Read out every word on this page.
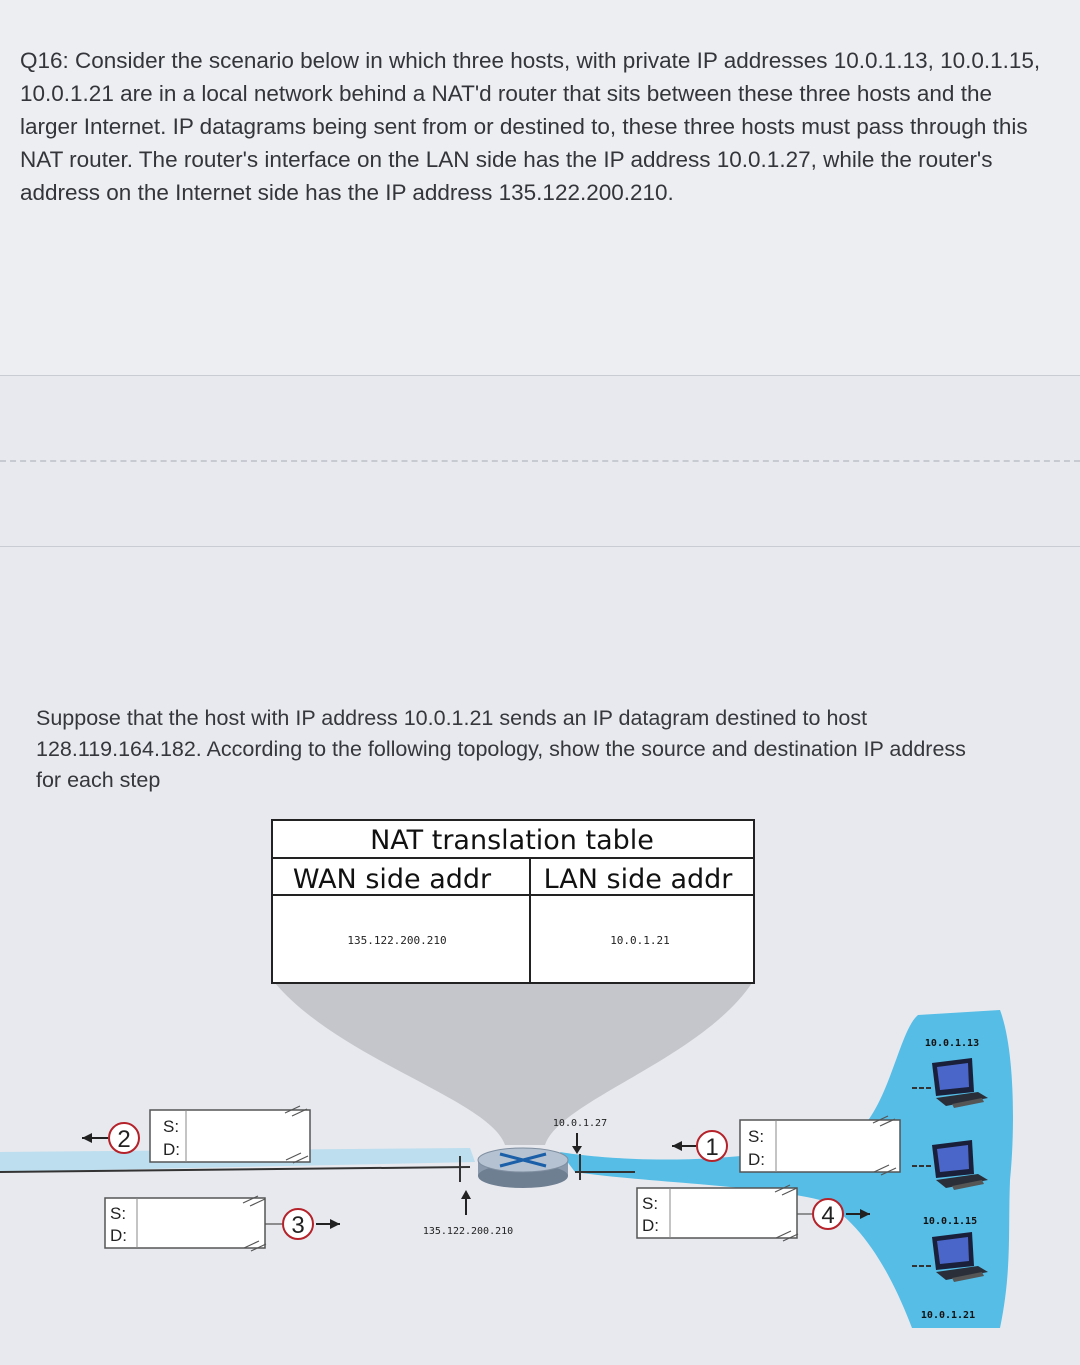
Q16: Consider the scenario below in which three hosts, with private IP addresses 10.0.1.13, 10.0.1.15, 10.0.1.21 are in a local network behind a NAT'd router that sits between these three hosts and the larger Internet. IP datagrams being sent from or destined to, these three hosts must pass through this NAT router. The router's interface on the LAN side has the IP address 10.0.1.27, while the router's address on the Internet side has the IP address 135.122.200.210.
Suppose that the host with IP address 10.0.1.21 sends an IP datagram destined to host 128.119.164.182. According to the following topology, show the source and destination IP address for each step
NAT translation table
WAN side addr LAN side addr
135.122.200.210	10.0.1.21
10.0.1.27
135.122.200.210
2 S:
D:
S:
D:	3
1 S:
D:
S:
D:	4
10.0.1.13
10.0.1.15
10.0.1.21
